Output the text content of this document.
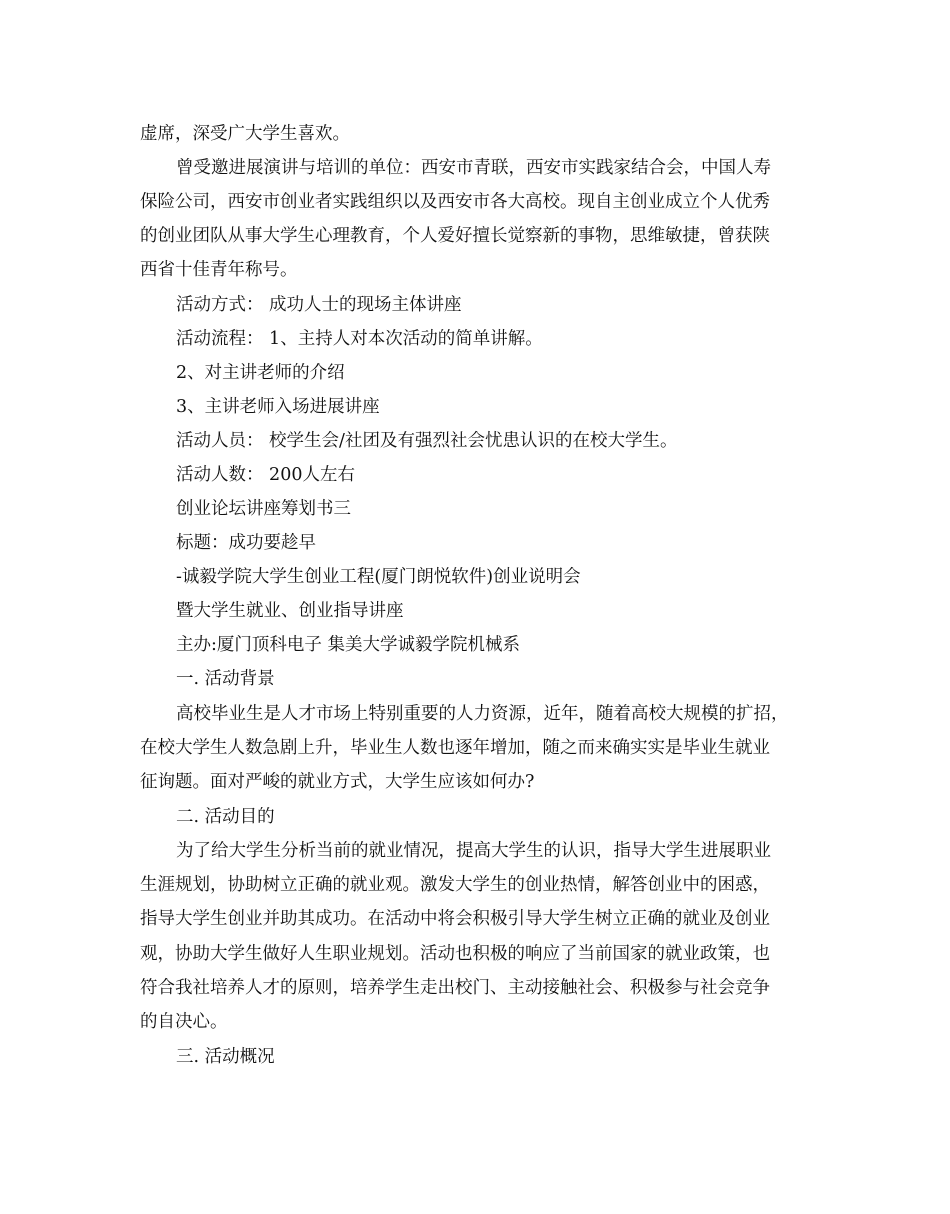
虚席，深受广大学生喜欢。
曾受邀进展演讲与培训的单位：西安市青联，西安市实践家结合会，中国人寿
保险公司，西安市创业者实践组织以及西安市各大高校。现自主创业成立个人优秀
的创业团队从事大学生心理教育，个人爱好擅长觉察新的事物，思维敏捷，曾获陕
西省十佳青年称号。
活动方式： 成功人士的现场主体讲座
活动流程： 1、主持人对本次活动的简单讲解。
2、对主讲老师的介绍
3、主讲老师入场进展讲座
活动人员： 校学生会/社团及有强烈社会忧患认识的在校大学生。
活动人数： 200人左右
创业论坛讲座筹划书三
标题：成功要趁早
-诚毅学院大学生创业工程(厦门朗悦软件)创业说明会
暨大学生就业、创业指导讲座
主办:厦门顶科电子 集美大学诚毅学院机械系
一. 活动背景
高校毕业生是人才市场上特别重要的人力资源，近年，随着高校大规模的扩招，
在校大学生人数急剧上升，毕业生人数也逐年增加，随之而来确实实是毕业生就业
征询题。面对严峻的就业方式，大学生应该如何办?
二. 活动目的
为了给大学生分析当前的就业情况，提高大学生的认识，指导大学生进展职业
生涯规划，协助树立正确的就业观。激发大学生的创业热情，解答创业中的困惑，
指导大学生创业并助其成功。在活动中将会积极引导大学生树立正确的就业及创业
观，协助大学生做好人生职业规划。活动也积极的响应了当前国家的就业政策，也
符合我社培养人才的原则，培养学生走出校门、主动接触社会、积极参与社会竞争
的自决心。
三. 活动概况
